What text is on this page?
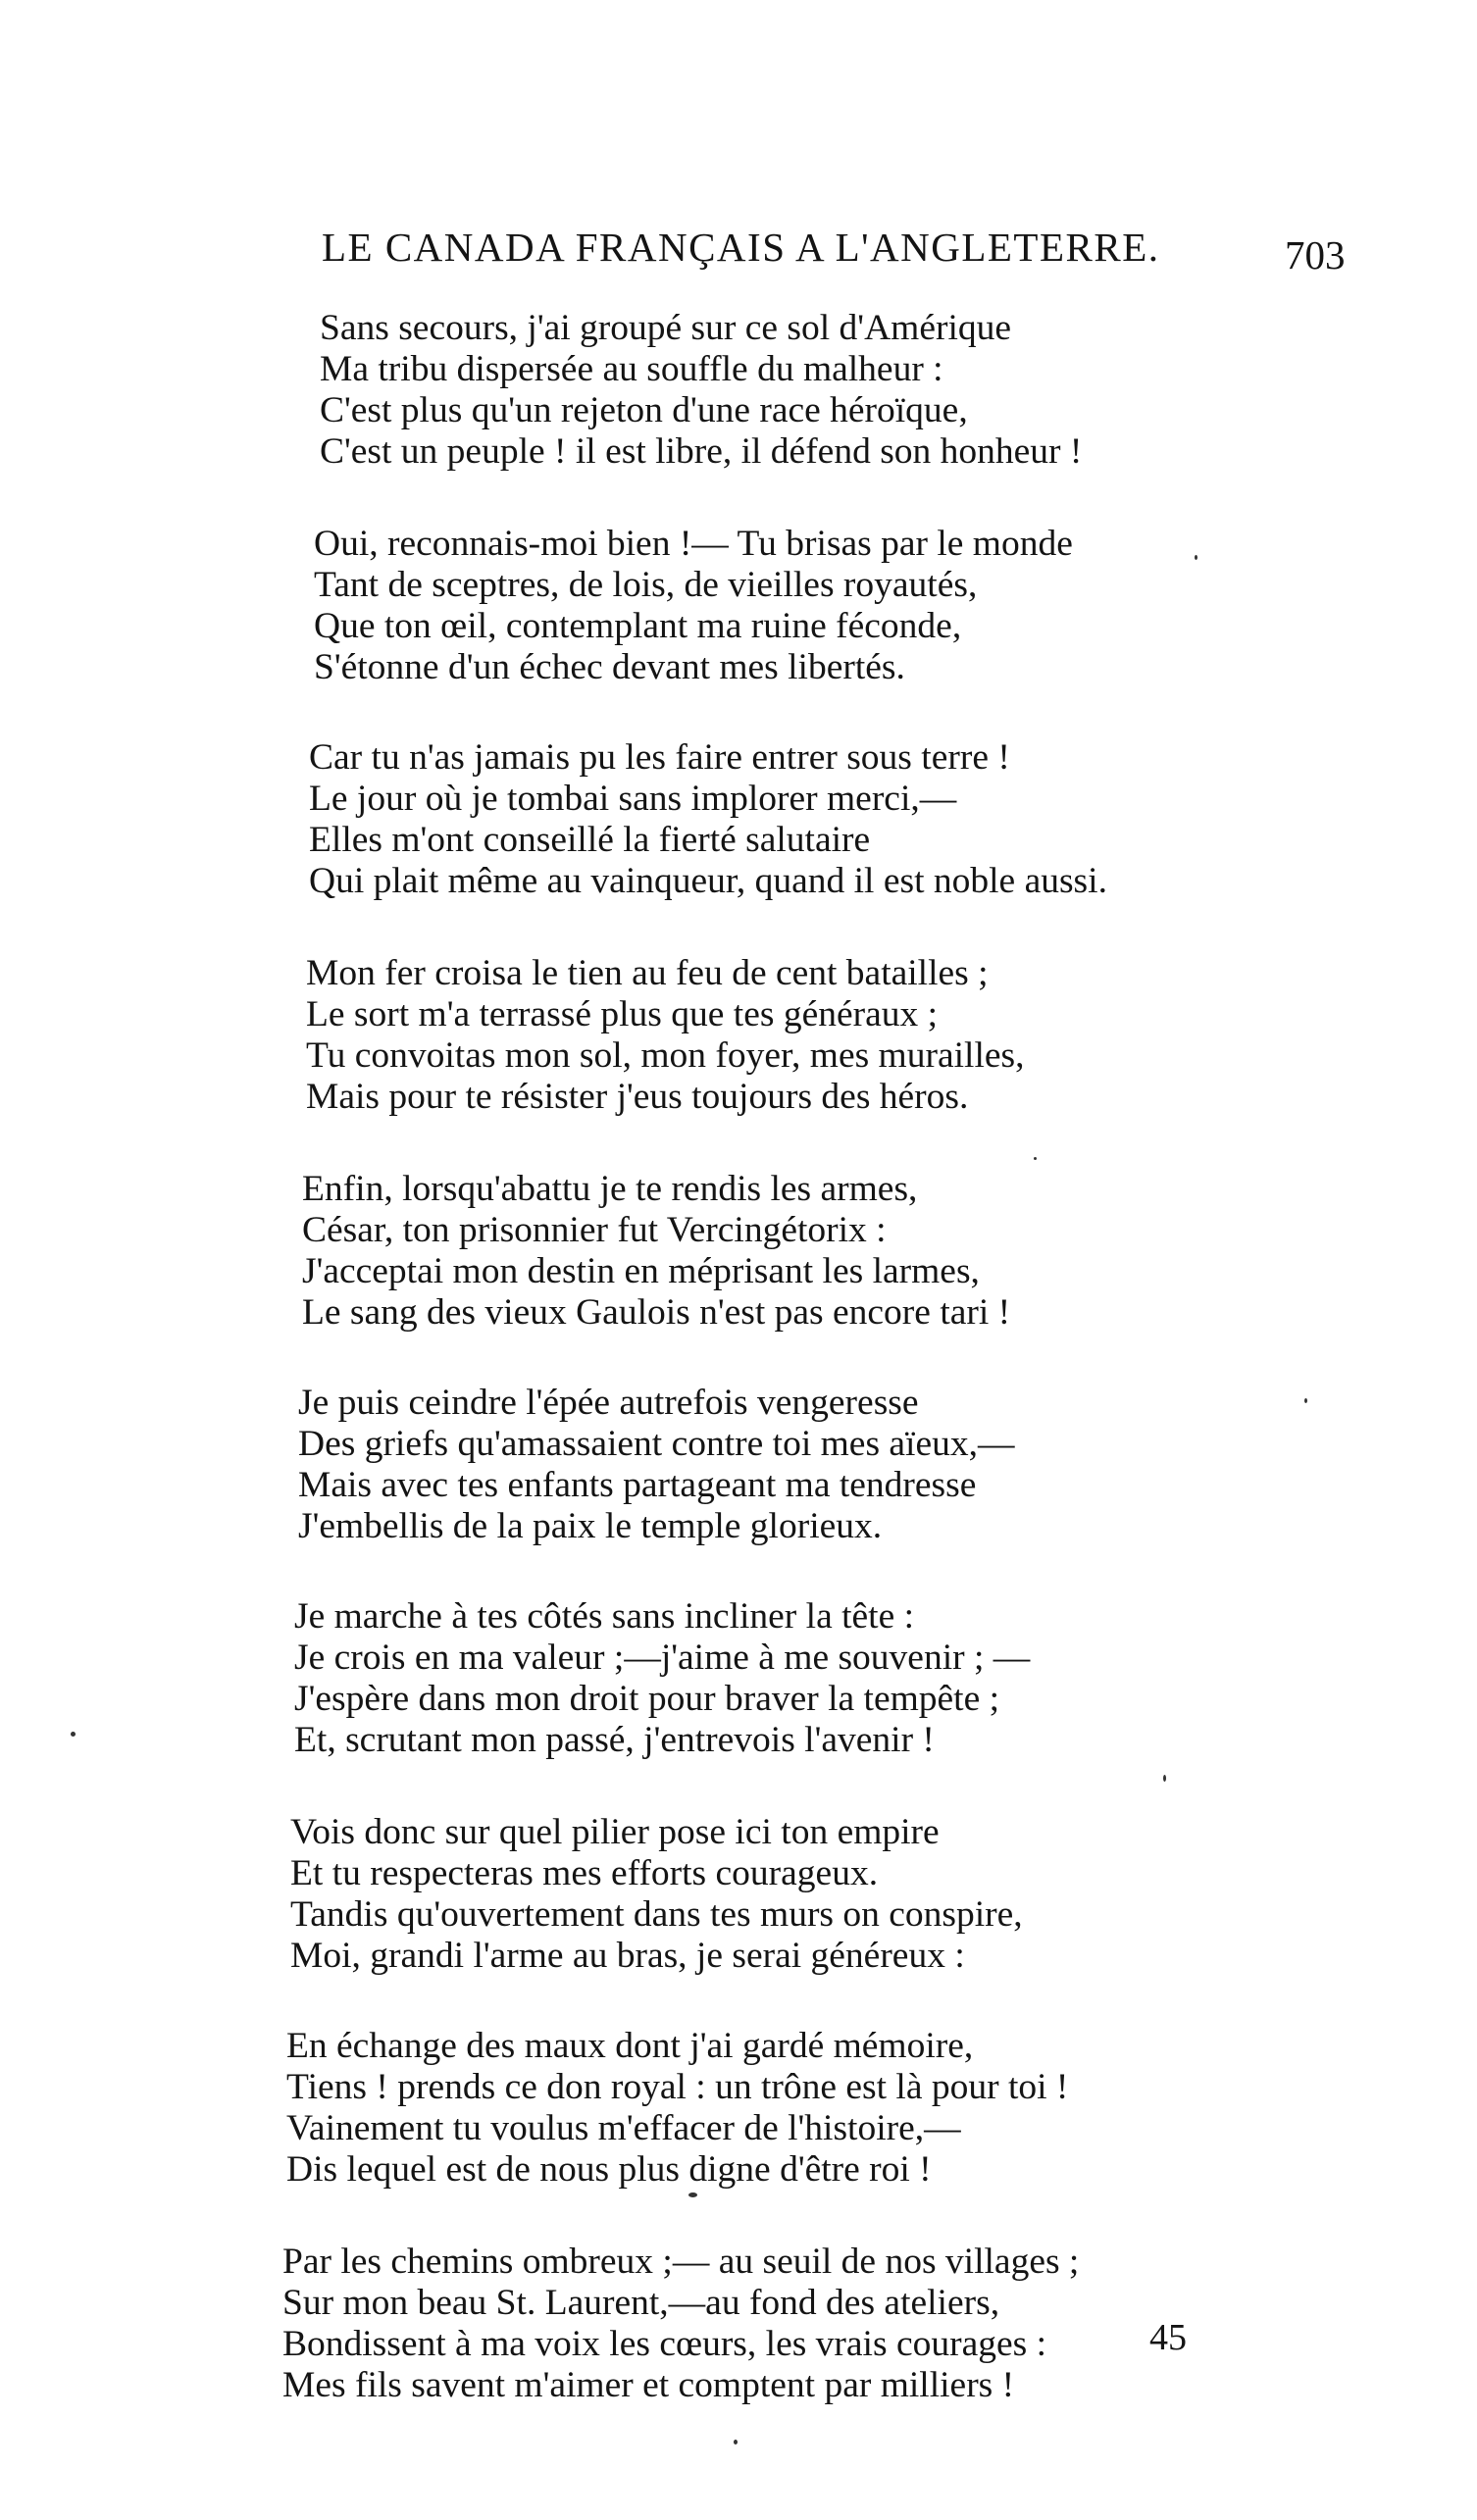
LE CANADA FRANÇAIS A L'ANGLETERRE.	703
Sans secours, j'ai groupé sur ce sol d'Amérique
Ma tribu dispersée au souffle du malheur :
C'est plus qu'un rejeton d'une race héroïque,
C'est un peuple ! il est libre, il défend son honheur !
Oui, reconnais-moi bien !— Tu brisas par le monde
Tant de sceptres, de lois, de vieilles royautés,
Que ton œil, contemplant ma ruine féconde,
S'étonne d'un échec devant mes libertés.
Car tu n'as jamais pu les faire entrer sous terre !
Le jour où je tombai sans implorer merci,—
Elles m'ont conseillé la fierté salutaire
Qui plait même au vainqueur, quand il est noble aussi.
Mon fer croisa le tien au feu de cent batailles ;
Le sort m'a terrassé plus que tes généraux ;
Tu convoitas mon sol, mon foyer, mes murailles,
Mais pour te résister j'eus toujours des héros.
Enfin, lorsqu'abattu je te rendis les armes,
César, ton prisonnier fut Vercingétorix :
J'acceptai mon destin en méprisant les larmes,
Le sang des vieux Gaulois n'est pas encore tari !
Je puis ceindre l'épée autrefois vengeresse
Des griefs qu'amassaient contre toi mes aïeux,—
Mais avec tes enfants partageant ma tendresse
J'embellis de la paix le temple glorieux.
Je marche à tes côtés sans incliner la tête :
Je crois en ma valeur ;—j'aime à me souvenir ; —
J'espère dans mon droit pour braver la tempête ;
Et, scrutant mon passé, j'entrevois l'avenir !
Vois donc sur quel pilier pose ici ton empire
Et tu respecteras mes efforts courageux.
Tandis qu'ouvertement dans tes murs on conspire,
Moi, grandi l'arme au bras, je serai généreux :
En échange des maux dont j'ai gardé mémoire,
Tiens ! prends ce don royal : un trône est là pour toi !
Vainement tu voulus m'effacer de l'histoire,—
Dis lequel est de nous plus digne d'être roi !
Par les chemins ombreux ;— au seuil de nos villages ;
Sur mon beau St. Laurent,—au fond des ateliers,
Bondissent à ma voix les cœurs, les vrais courages :
Mes fils savent m'aimer et comptent par milliers !
45
